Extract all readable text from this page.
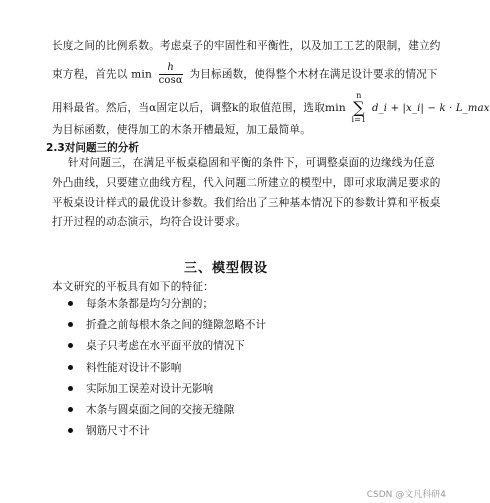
长度之间的比例系数。考虑桌子的牢固性和平衡性，以及加工工艺的限制，建立约
束方程，首先以 $\min \frac{h}{\cos\alpha}$ 为目标函数，使得整个木材在满足设计要求的情况下
用料最省。然后，当α固定以后，调整k的取值范围，选取min n
∑
i=1 d_i + |x_i| − k · L_max
为目标函数，使得加工的木条开槽最短，加工最简单。
2.3对问题三的分析
针对问题三，在满足平板桌稳固和平衡的条件下，可调整桌面的边缘线为任意
外凸曲线，只要建立曲线方程，代入问题二所建立的模型中，即可求取满足要求的
平板桌设计样式的最优设计参数。我们给出了三种基本情况下的参数计算和平板桌
打开过程的动态演示，均符合设计要求。
三、模型假设
本文研究的平板具有如下的特征：
每条木条都是均匀分割的；
折叠之前每根木条之间的缝隙忽略不计
桌子只考虑在水平面平放的情况下
料性能对设计不影响
实际加工误差对设计无影响
木条与圆桌面之间的交接无缝隙
钢筋尺寸不计
CSDN @文凡科研4
